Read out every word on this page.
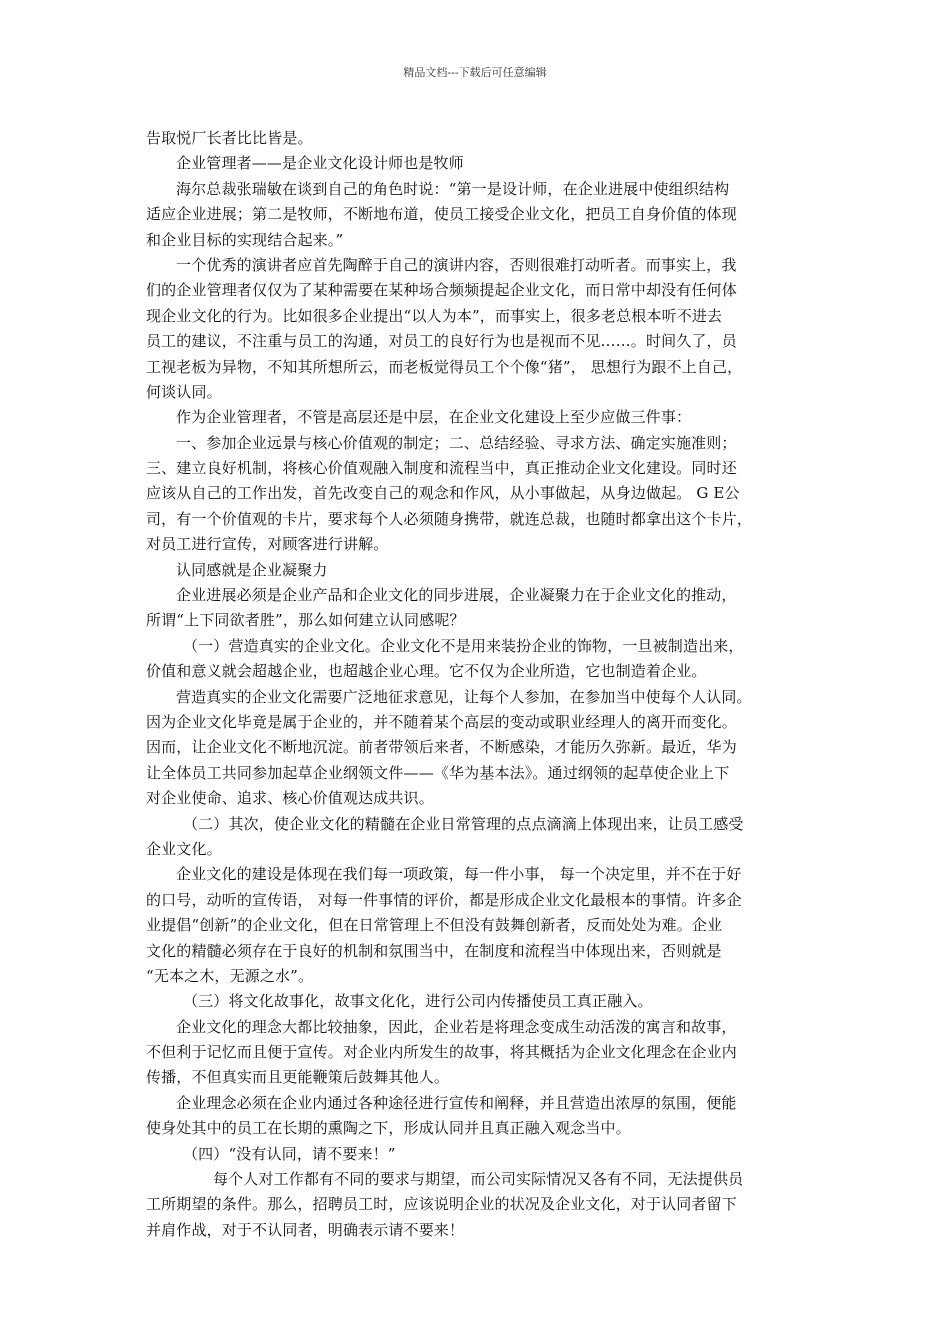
精品文档---下载后可任意编辑
告取悦厂长者比比皆是。
企业管理者——是企业文化设计师也是牧师
海尔总裁张瑞敏在谈到自己的角色时说：“第一是设计师，在企业进展中使组织结构
适应企业进展；第二是牧师，不断地布道，使员工接受企业文化，把员工自身价值的体现
和企业目标的实现结合起来。”
一个优秀的演讲者应首先陶醉于自己的演讲内容，否则很难打动听者。而事实上，我
们的企业管理者仅仅为了某种需要在某种场合频频提起企业文化，而日常中却没有任何体
现企业文化的行为。比如很多企业提出“以人为本”，而事实上，很多老总根本听不进去
员工的建议，不注重与员工的沟通，对员工的良好行为也是视而不见……。时间久了，员
工视老板为异物，不知其所想所云，而老板觉得员工个个像“猪”， 思想行为跟不上自己，
何谈认同。
作为企业管理者，不管是高层还是中层，在企业文化建设上至少应做三件事：
一、参加企业远景与核心价值观的制定；二、总结经验、寻求方法、确定实施准则；
三、建立良好机制，将核心价值观融入制度和流程当中，真正推动企业文化建设。同时还
应该从自己的工作出发，首先改变自己的观念和作风，从小事做起，从身边做起。 G E公
司，有一个价值观的卡片，要求每个人必须随身携带，就连总裁，也随时都拿出这个卡片，
对员工进行宣传，对顾客进行讲解。
认同感就是企业凝聚力
企业进展必须是企业产品和企业文化的同步进展，企业凝聚力在于企业文化的推动，
所谓“上下同欲者胜”，那么如何建立认同感呢？
（一）营造真实的企业文化。企业文化不是用来装扮企业的饰物，一旦被制造出来，
价值和意义就会超越企业，也超越企业心理。它不仅为企业所造，它也制造着企业。
营造真实的企业文化需要广泛地征求意见，让每个人参加，在参加当中使每个人认同。
因为企业文化毕竟是属于企业的，并不随着某个高层的变动或职业经理人的离开而变化。
因而，让企业文化不断地沉淀。前者带领后来者，不断感染，才能历久弥新。最近，华为
让全体员工共同参加起草企业纲领文件——《华为基本法》。通过纲领的起草使企业上下
对企业使命、追求、核心价值观达成共识。
（二）其次，使企业文化的精髓在企业日常管理的点点滴滴上体现出来，让员工感受
企业文化。
企业文化的建设是体现在我们每一项政策，每一件小事， 每一个决定里，并不在于好
的口号，动听的宣传语， 对每一件事情的评价，都是形成企业文化最根本的事情。许多企
业提倡“创新”的企业文化，但在日常管理上不但没有鼓舞创新者，反而处处为难。企业
文化的精髓必须存在于良好的机制和氛围当中，在制度和流程当中体现出来，否则就是
“无本之木，无源之水”。
（三）将文化故事化，故事文化化，进行公司内传播使员工真正融入。
企业文化的理念大都比较抽象，因此，企业若是将理念变成生动活泼的寓言和故事，
不但利于记忆而且便于宣传。对企业内所发生的故事，将其概括为企业文化理念在企业内
传播，不但真实而且更能鞭策后鼓舞其他人。
企业理念必须在企业内通过各种途径进行宣传和阐释，并且营造出浓厚的氛围，便能
使身处其中的员工在长期的熏陶之下，形成认同并且真正融入观念当中。
（四）“没有认同，请不要来！”
每个人对工作都有不同的要求与期望，而公司实际情况又各有不同，无法提供员
工所期望的条件。那么，招聘员工时，应该说明企业的状况及企业文化，对于认同者留下
并肩作战，对于不认同者，明确表示请不要来！
